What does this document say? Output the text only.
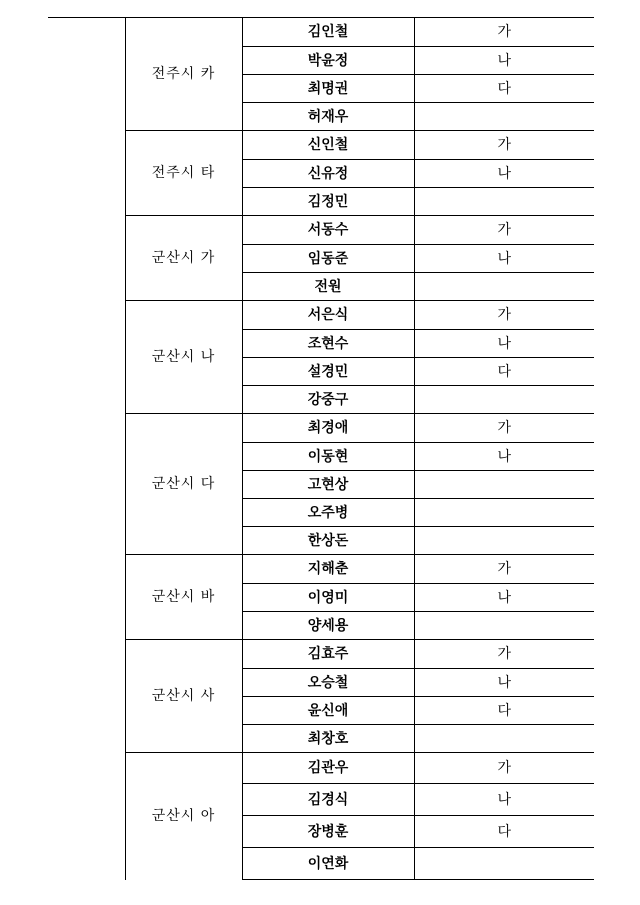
	전주시 카	김인철	가
		박윤정	나
		최명권	다
		허재우	
	전주시 타	신인철	가
		신유정	나
		김정민	
	군산시 가	서동수	가
		임동준	나
		전원	
	군산시 나	서은식	가
		조현수	나
		설경민	다
		강중구	
	군산시 다	최경애	가
		이동현	나
		고현상	
		오주병	
		한상돈	
	군산시 바	지해춘	가
		이영미	나
		양세용	
	군산시 사	김효주	가
		오승철	나
		윤신애	다
		최창호	
	군산시 아	김관우	가
		김경식	나
		장병훈	다
		이연화	
